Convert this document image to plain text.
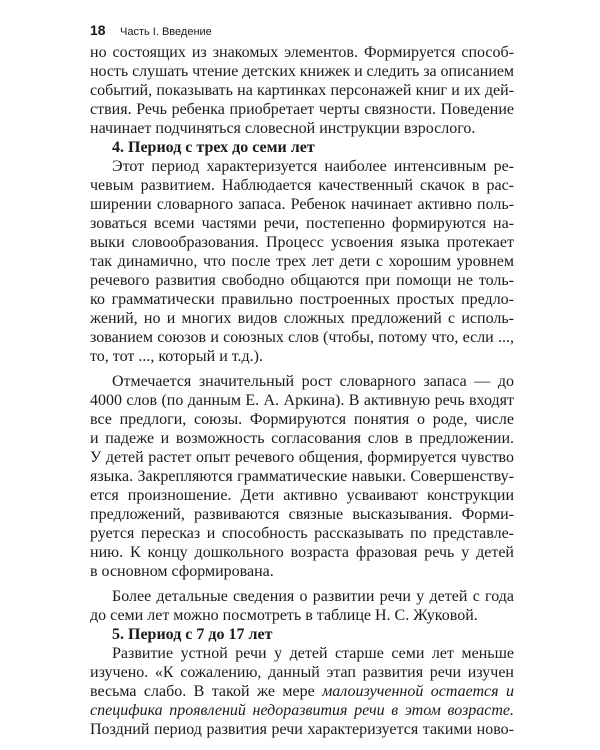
18 Часть I. Введение
но состоящих из знакомых элементов. Формируется способ-
ность слушать чтение детских книжек и следить за описанием
событий, показывать на картинках персонажей книг и их дей-
ствия. Речь ребенка приобретает черты связности. Поведение
начинает подчиняться словесной инструкции взрослого.
4. Период с трех до семи лет
Этот период характеризуется наиболее интенсивным ре-
чевым развитием. Наблюдается качественный скачок в рас-
ширении словарного запаса. Ребенок начинает активно поль-
зоваться всеми частями речи, постепенно формируются на-
выки словообразования. Процесс усвоения языка протекает
так динамично, что после трех лет дети с хорошим уровнем
речевого развития свободно общаются при помощи не толь-
ко грамматически правильно построенных простых предло-
жений, но и многих видов сложных предложений с исполь-
зованием союзов и союзных слов (чтобы, потому что, если ...,
то, тот ..., который и т.д.).
Отмечается значительный рост словарного запаса — до
4000 слов (по данным Е. А. Аркина). В активную речь входят
все предлоги, союзы. Формируются понятия о роде, числе
и падеже и возможность согласования слов в предложении.
У детей растет опыт речевого общения, формируется чувство
языка. Закрепляются грамматические навыки. Совершенству-
ется произношение. Дети активно усваивают конструкции
предложений, развиваются связные высказывания. Форми-
руется пересказ и способность рассказывать по представле-
нию. К концу дошкольного возраста фразовая речь у детей
в основном сформирована.
Более детальные сведения о развитии речи у детей с года
до семи лет можно посмотреть в таблице Н. С. Жуковой.
5. Период с 7 до 17 лет
Развитие устной речи у детей старше семи лет меньше
изучено. «К сожалению, данный этап развития речи изучен
весьма слабо. В такой же мере малоизученной остается и
специфика проявлений недоразвития речи в этом возрасте.
Поздний период развития речи характеризуется такими ново-
